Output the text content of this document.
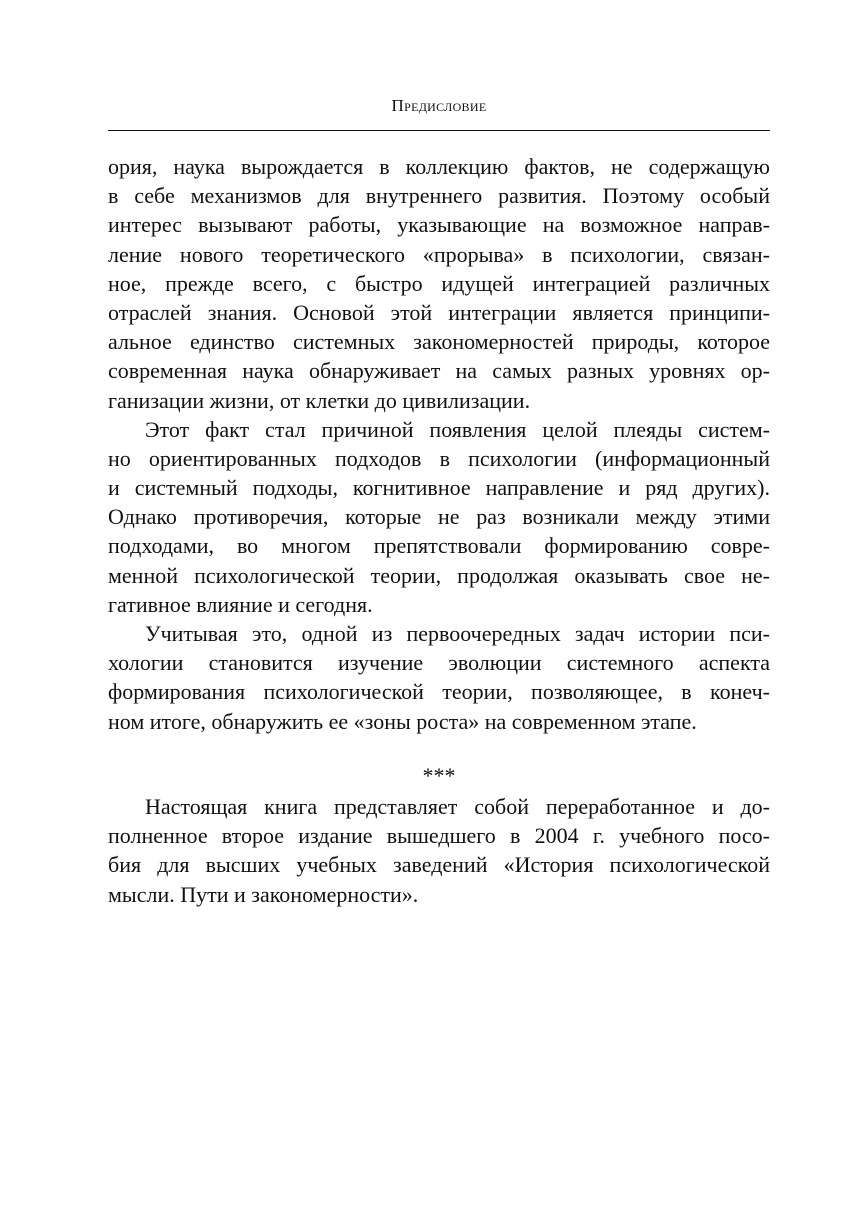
Предисловие
ория, наука вырождается в коллекцию фактов, не содержащую
в себе механизмов для внутреннего развития. Поэтому особый
интерес вызывают работы, указывающие на возможное направ-
ление нового теоретического «прорыва» в психологии, связан-
ное, прежде всего, с быстро идущей интеграцией различных
отраслей знания. Основой этой интеграции является принципи-
альное единство системных закономерностей природы, которое
современная наука обнаруживает на самых разных уровнях ор-
ганизации жизни, от клетки до цивилизации.
Этот факт стал причиной появления целой плеяды систем-
но ориентированных подходов в психологии (информационный
и системный подходы, когнитивное направление и ряд других).
Однако противоречия, которые не раз возникали между этими
подходами, во многом препятствовали формированию совре-
менной психологической теории, продолжая оказывать свое не-
гативное влияние и сегодня.
Учитывая это, одной из первоочередных задач истории пси-
хологии становится изучение эволюции системного аспекта
формирования психологической теории, позволяющее, в конеч-
ном итоге, обнаружить ее «зоны роста» на современном этапе.
***
Настоящая книга представляет собой переработанное и до-
полненное второе издание вышедшего в 2004 г. учебного посо-
бия для высших учебных заведений «История психологической
мысли. Пути и закономерности».
